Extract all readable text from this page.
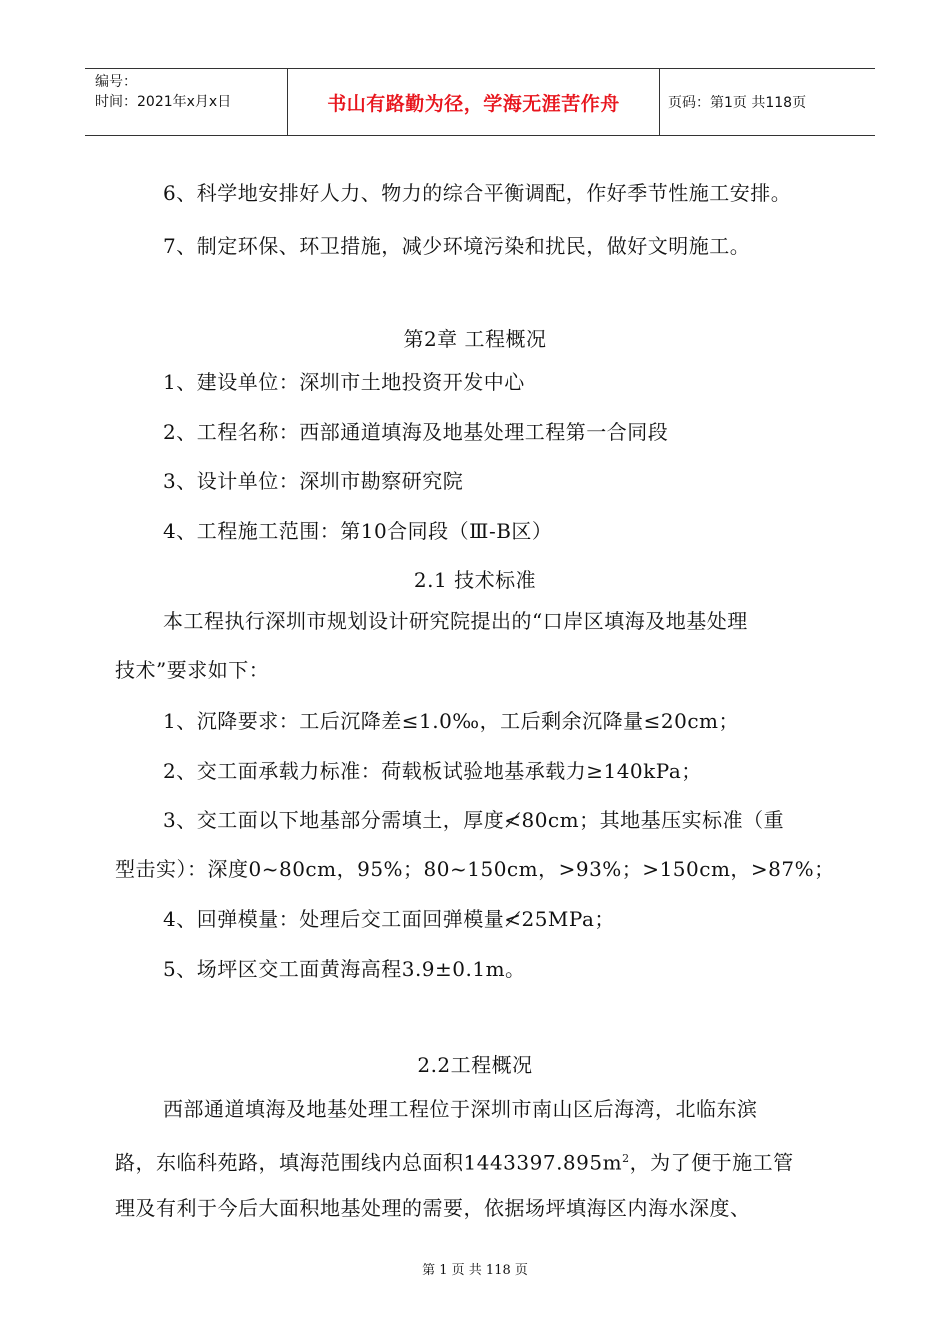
编号：
时间：2021年x月x日	书山有路勤为径，学海无涯苦作舟	页码：第1页 共118页
6、科学地安排好人力、物力的综合平衡调配，作好季节性施工安排。
7、制定环保、环卫措施，减少环境污染和扰民，做好文明施工。
第2章 工程概况
1、建设单位：深圳市土地投资开发中心
2、工程名称：西部通道填海及地基处理工程第一合同段
3、设计单位：深圳市勘察研究院
4、工程施工范围：第10合同段（Ⅲ-B区）
2.1 技术标准
本工程执行深圳市规划设计研究院提出的“口岸区填海及地基处理
技术”要求如下：
1、沉降要求：工后沉降差≤1.0‰，工后剩余沉降量≤20cm；
2、交工面承载力标准：荷载板试验地基承载力≥140kPa；
3、交工面以下地基部分需填土，厚度≮80cm；其地基压实标准（重
型击实）：深度0~80cm，95%；80~150cm，>93%；>150cm，>87%；
4、回弹模量：处理后交工面回弹模量≮25MPa；
5、场坪区交工面黄海高程3.9±0.1m。
2.2工程概况
西部通道填海及地基处理工程位于深圳市南山区后海湾，北临东滨
路，东临科苑路，填海范围线内总面积$1443397.895m^2$，为了便于施工管
理及有利于今后大面积地基处理的需要，依据场坪填海区内海水深度、
第 1 页 共 118 页
